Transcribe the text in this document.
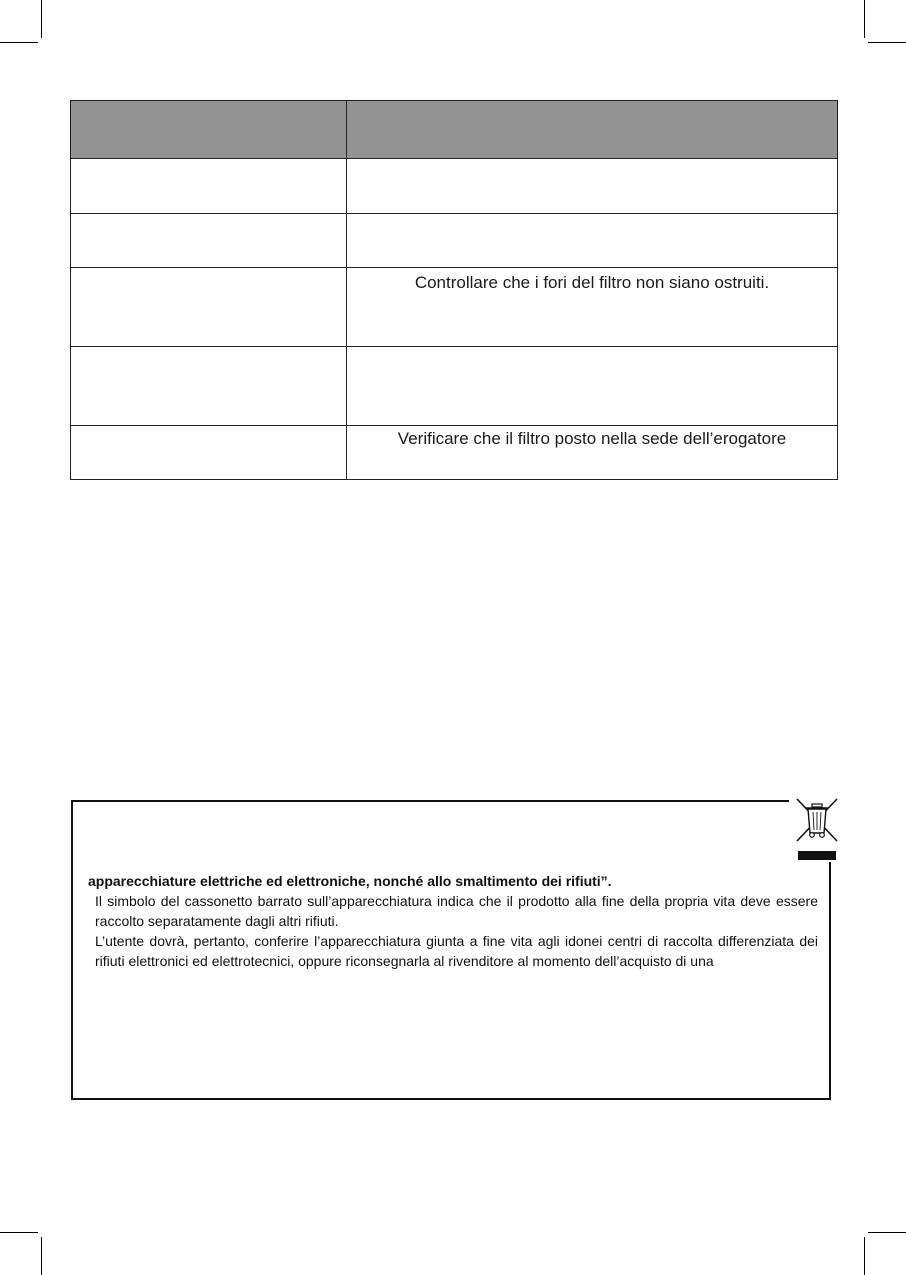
	Controllare che i fori del filtro non siano ostruiti.

	Verificare che il filtro posto nella sede dell’erogatore
apparecchiature elettriche ed elettroniche, nonché allo smaltimento dei rifiuti”.
Il simbolo del cassonetto barrato sull’apparecchiatura indica che il prodotto alla fine della propria vita deve essere raccolto separatamente dagli altri rifiuti.
L’utente dovrà, pertanto, conferire l’apparecchiatura giunta a fine vita agli idonei centri di raccolta differenziata dei rifiuti elettronici ed elettrotecnici, oppure riconsegnarla al rivenditore al momento dell’acquisto di una
